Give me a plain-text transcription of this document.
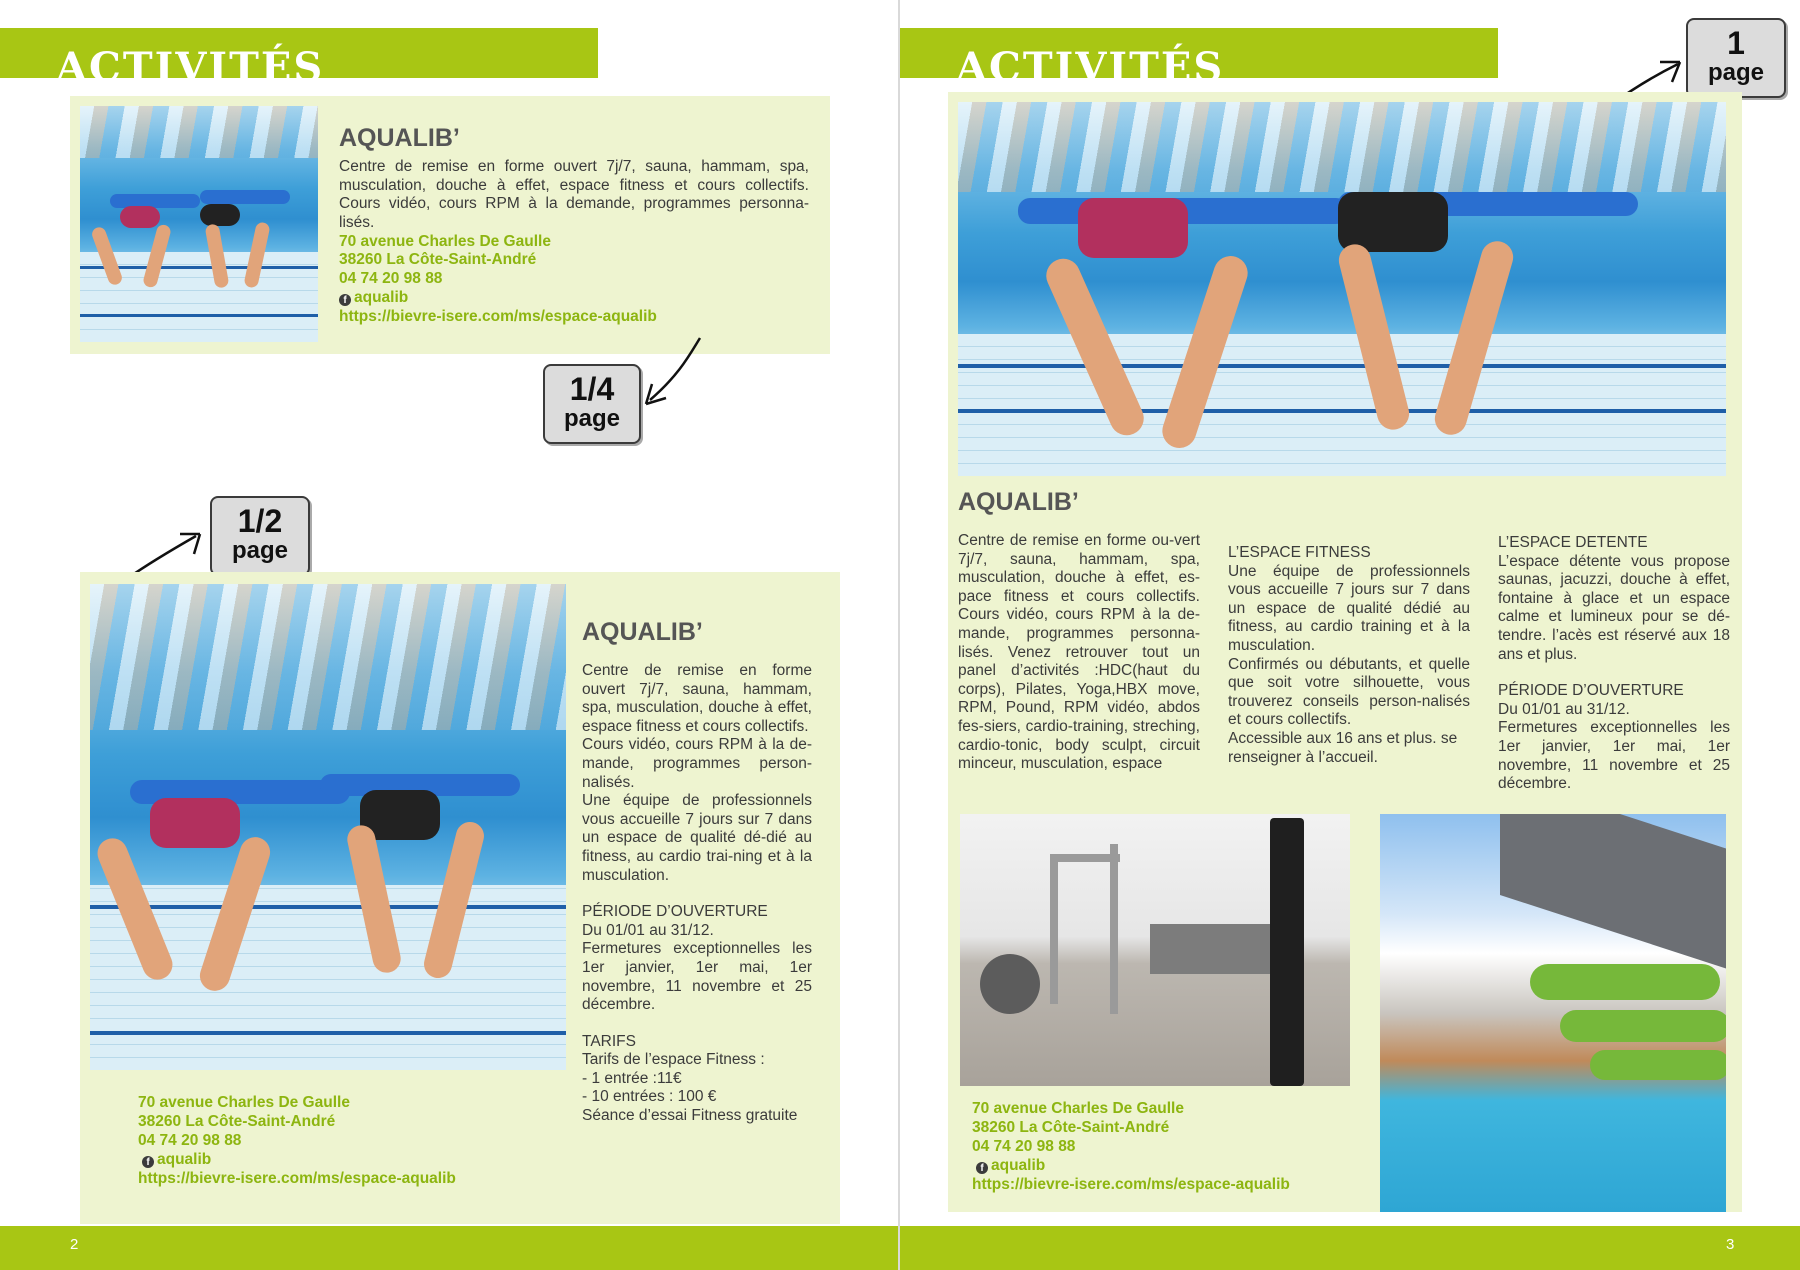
ACTIVITÉS
AQUALIB’
Centre de remise en forme ouvert 7j/7, sauna, hammam, spa, musculation, douche à effet, espace fitness et cours collectifs. Cours vidéo, cours RPM à la demande, programmes personna-lisés.
70 avenue Charles De Gaulle
38260 La Côte-Saint-André
04 74 20 98 88
f aqualib
https://bievre-isere.com/ms/espace-aqualib
1/4
page
1/2
page
AQUALIB’

Centre de remise en forme ouvert 7j/7, sauna, hammam, spa, musculation, douche à effet, espace fitness et cours collectifs.

Cours vidéo, cours RPM à la de-mande, programmes person-nalisés.

Une équipe de professionnels vous accueille 7 jours sur 7 dans un espace de qualité dé-dié au fitness, au cardio trai-ning et à la musculation.

PÉRIODE D’OUVERTURE

Du 01/01 au 31/12.

Fermetures exceptionnelles les 1er janvier, 1er mai, 1er novembre, 11 novembre et 25 décembre.

TARIFS

Tarifs de l’espace Fitness :

- 1 entrée :11€

- 10 entrées : 100 €

Séance d’essai Fitness gratuite

70 avenue Charles De Gaulle
38260 La Côte-Saint-André
04 74 20 98 88
f aqualib
https://bievre-isere.com/ms/espace-aqualib
2
ACTIVITÉS
1
page
AQUALIB’

Centre de remise en forme ou-vert 7j/7, sauna, hammam, spa, musculation, douche à effet, es-pace fitness et cours collectifs. Cours vidéo, cours RPM à la de-mande, programmes personna-lisés. Venez retrouver tout un panel d’activités :HDC(haut du corps), Pilates, Yoga,HBX move, RPM, Pound, RPM vidéo, abdos fes-siers, cardio-training, streching, cardio-tonic, body sculpt, circuit minceur, musculation, espace

L’ESPACE FITNESS

Une équipe de professionnels vous accueille 7 jours sur 7 dans un espace de qualité dédié au fitness, au cardio training et à la musculation.

Confirmés ou débutants, et quelle que soit votre silhouette, vous trouverez conseils person-nalisés et cours collectifs.

Accessible aux 16 ans et plus. se renseigner à l’accueil.

L’ESPACE DETENTE

L’espace détente vous propose saunas, jacuzzi, douche à effet, fontaine à glace et un espace calme et lumineux pour se dé-tendre. l’acès est réservé aux 18 ans et plus.

PÉRIODE D’OUVERTURE

Du 01/01 au 31/12.

Fermetures exceptionnelles les 1er janvier, 1er mai, 1er novembre, 11 novembre et 25 décembre.

70 avenue Charles De Gaulle
38260 La Côte-Saint-André
04 74 20 98 88
f aqualib
https://bievre-isere.com/ms/espace-aqualib
3
